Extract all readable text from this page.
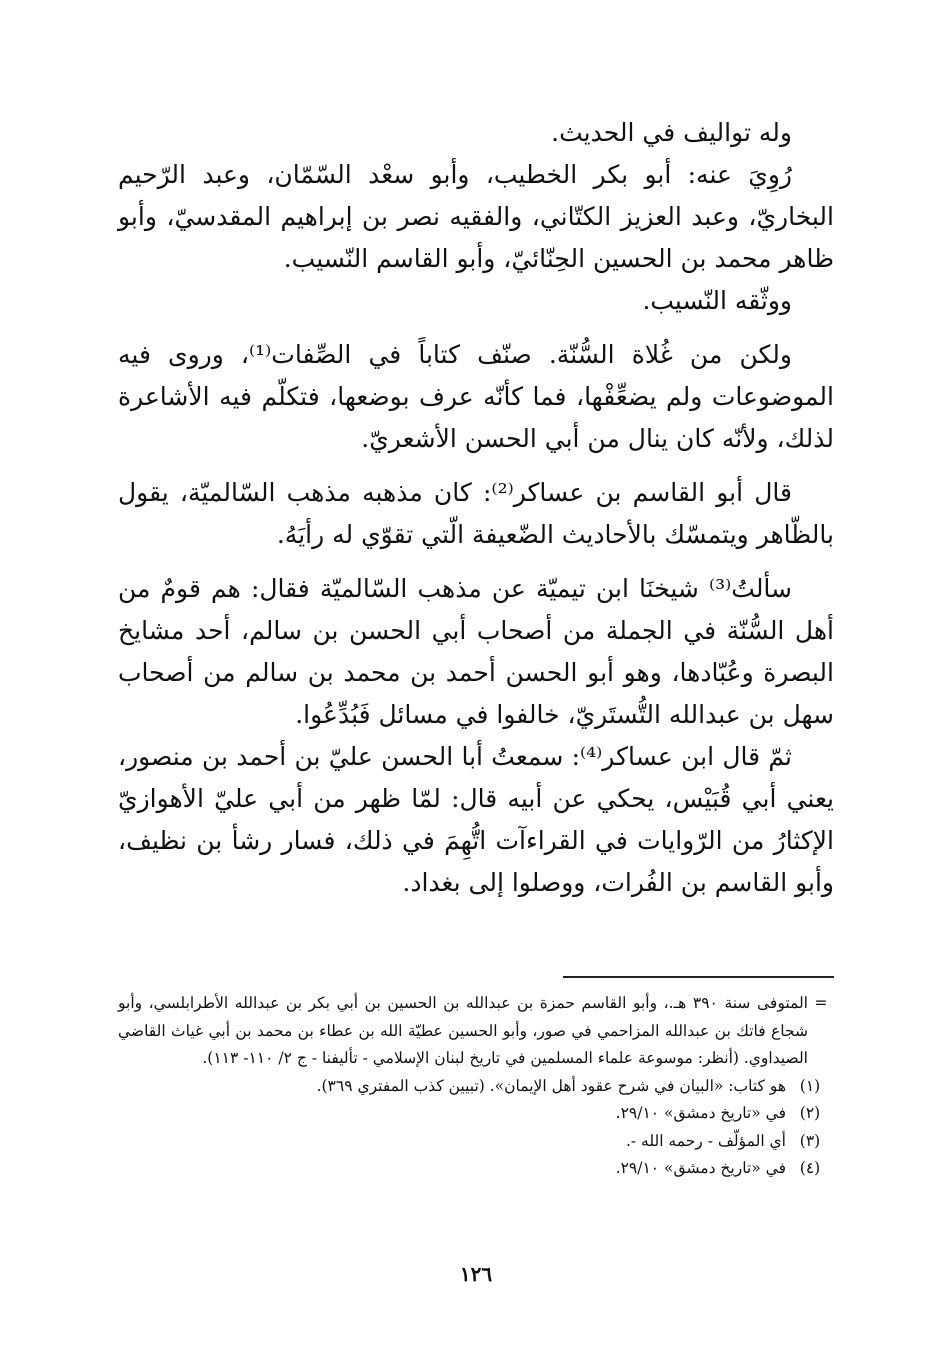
وله تواليف في الحديث.

رُوِيَ عنه: أبو بكر الخطيب، وأبو سعْد السّمّان، وعبد الرّحيم البخاريّ، وعبد العزيز الكتّاني، والفقيه نصر بن إبراهيم المقدسيّ، وأبو ظاهر محمد بن الحسين الحِنّائيّ، وأبو القاسم النّسيب.

ووثّقه النّسيب.

ولكن من غُلاة السُّنّة. صنّف كتاباً في الصِّفات⁽¹⁾، وروى فيه الموضوعات ولم يضعِّفْها، فما كأنّه عرف بوضعها، فتكلّم فيه الأشاعرة لذلك، ولأنّه كان ينال من أبي الحسن الأشعريّ.

قال أبو القاسم بن عساكر⁽²⁾: كان مذهبه مذهب السّالميّة، يقول بالظّاهر ويتمسّك بالأحاديث الضّعيفة الّتي تقوّي له رأيَهُ.

سألتُ⁽³⁾ شيخنَا ابن تيميّة عن مذهب السّالميّة فقال: هم قومٌ من أهل السُّنّة في الجملة من أصحاب أبي الحسن بن سالم، أحد مشايخ البصرة وعُبّادها، وهو أبو الحسن أحمد بن محمد بن سالم من أصحاب سهل بن عبدالله التُّستَريّ، خالفوا في مسائل فَبُدِّعُوا.

ثمّ قال ابن عساكر⁽⁴⁾: سمعتُ أبا الحسن عليّ بن أحمد بن منصور، يعني أبي قُبَيْس، يحكي عن أبيه قال: لمّا ظهر من أبي عليّ الأهوازيّ الإكثارُ من الرّوايات في القراءآت اتُّهِمَ في ذلك، فسار رشأ بن نظيف، وأبو القاسم بن الفُرات، ووصلوا إلى بغداد.

=
المتوفى سنة ٣٩٠ هـ.، وأبو القاسم حمزة بن عبدالله بن الحسين بن أبي بكر بن عبدالله الأطرابلسي، وأبو شجاع فاتك بن عبدالله المزاحمي في صور، وأبو الحسين عطيّة الله بن عطاء بن محمد بن أبي غياث القاضي الصيداوي. (أنظر: موسوعة علماء المسلمين في تاريخ لبنان الإسلامي - تأليفنا - ج ٢/ ١١٠- ١١٣).
(١)
هو كتاب: «البيان في شرح عقود أهل الإيمان». (تبيين كذب المفتري ٣٦٩).
(٢)
في «تاريخ دمشق» ٢٩/١٠.
(٣)
أي المؤلّف - رحمه الله -.
(٤)
في «تاريخ دمشق» ٢٩/١٠.
١٢٦
